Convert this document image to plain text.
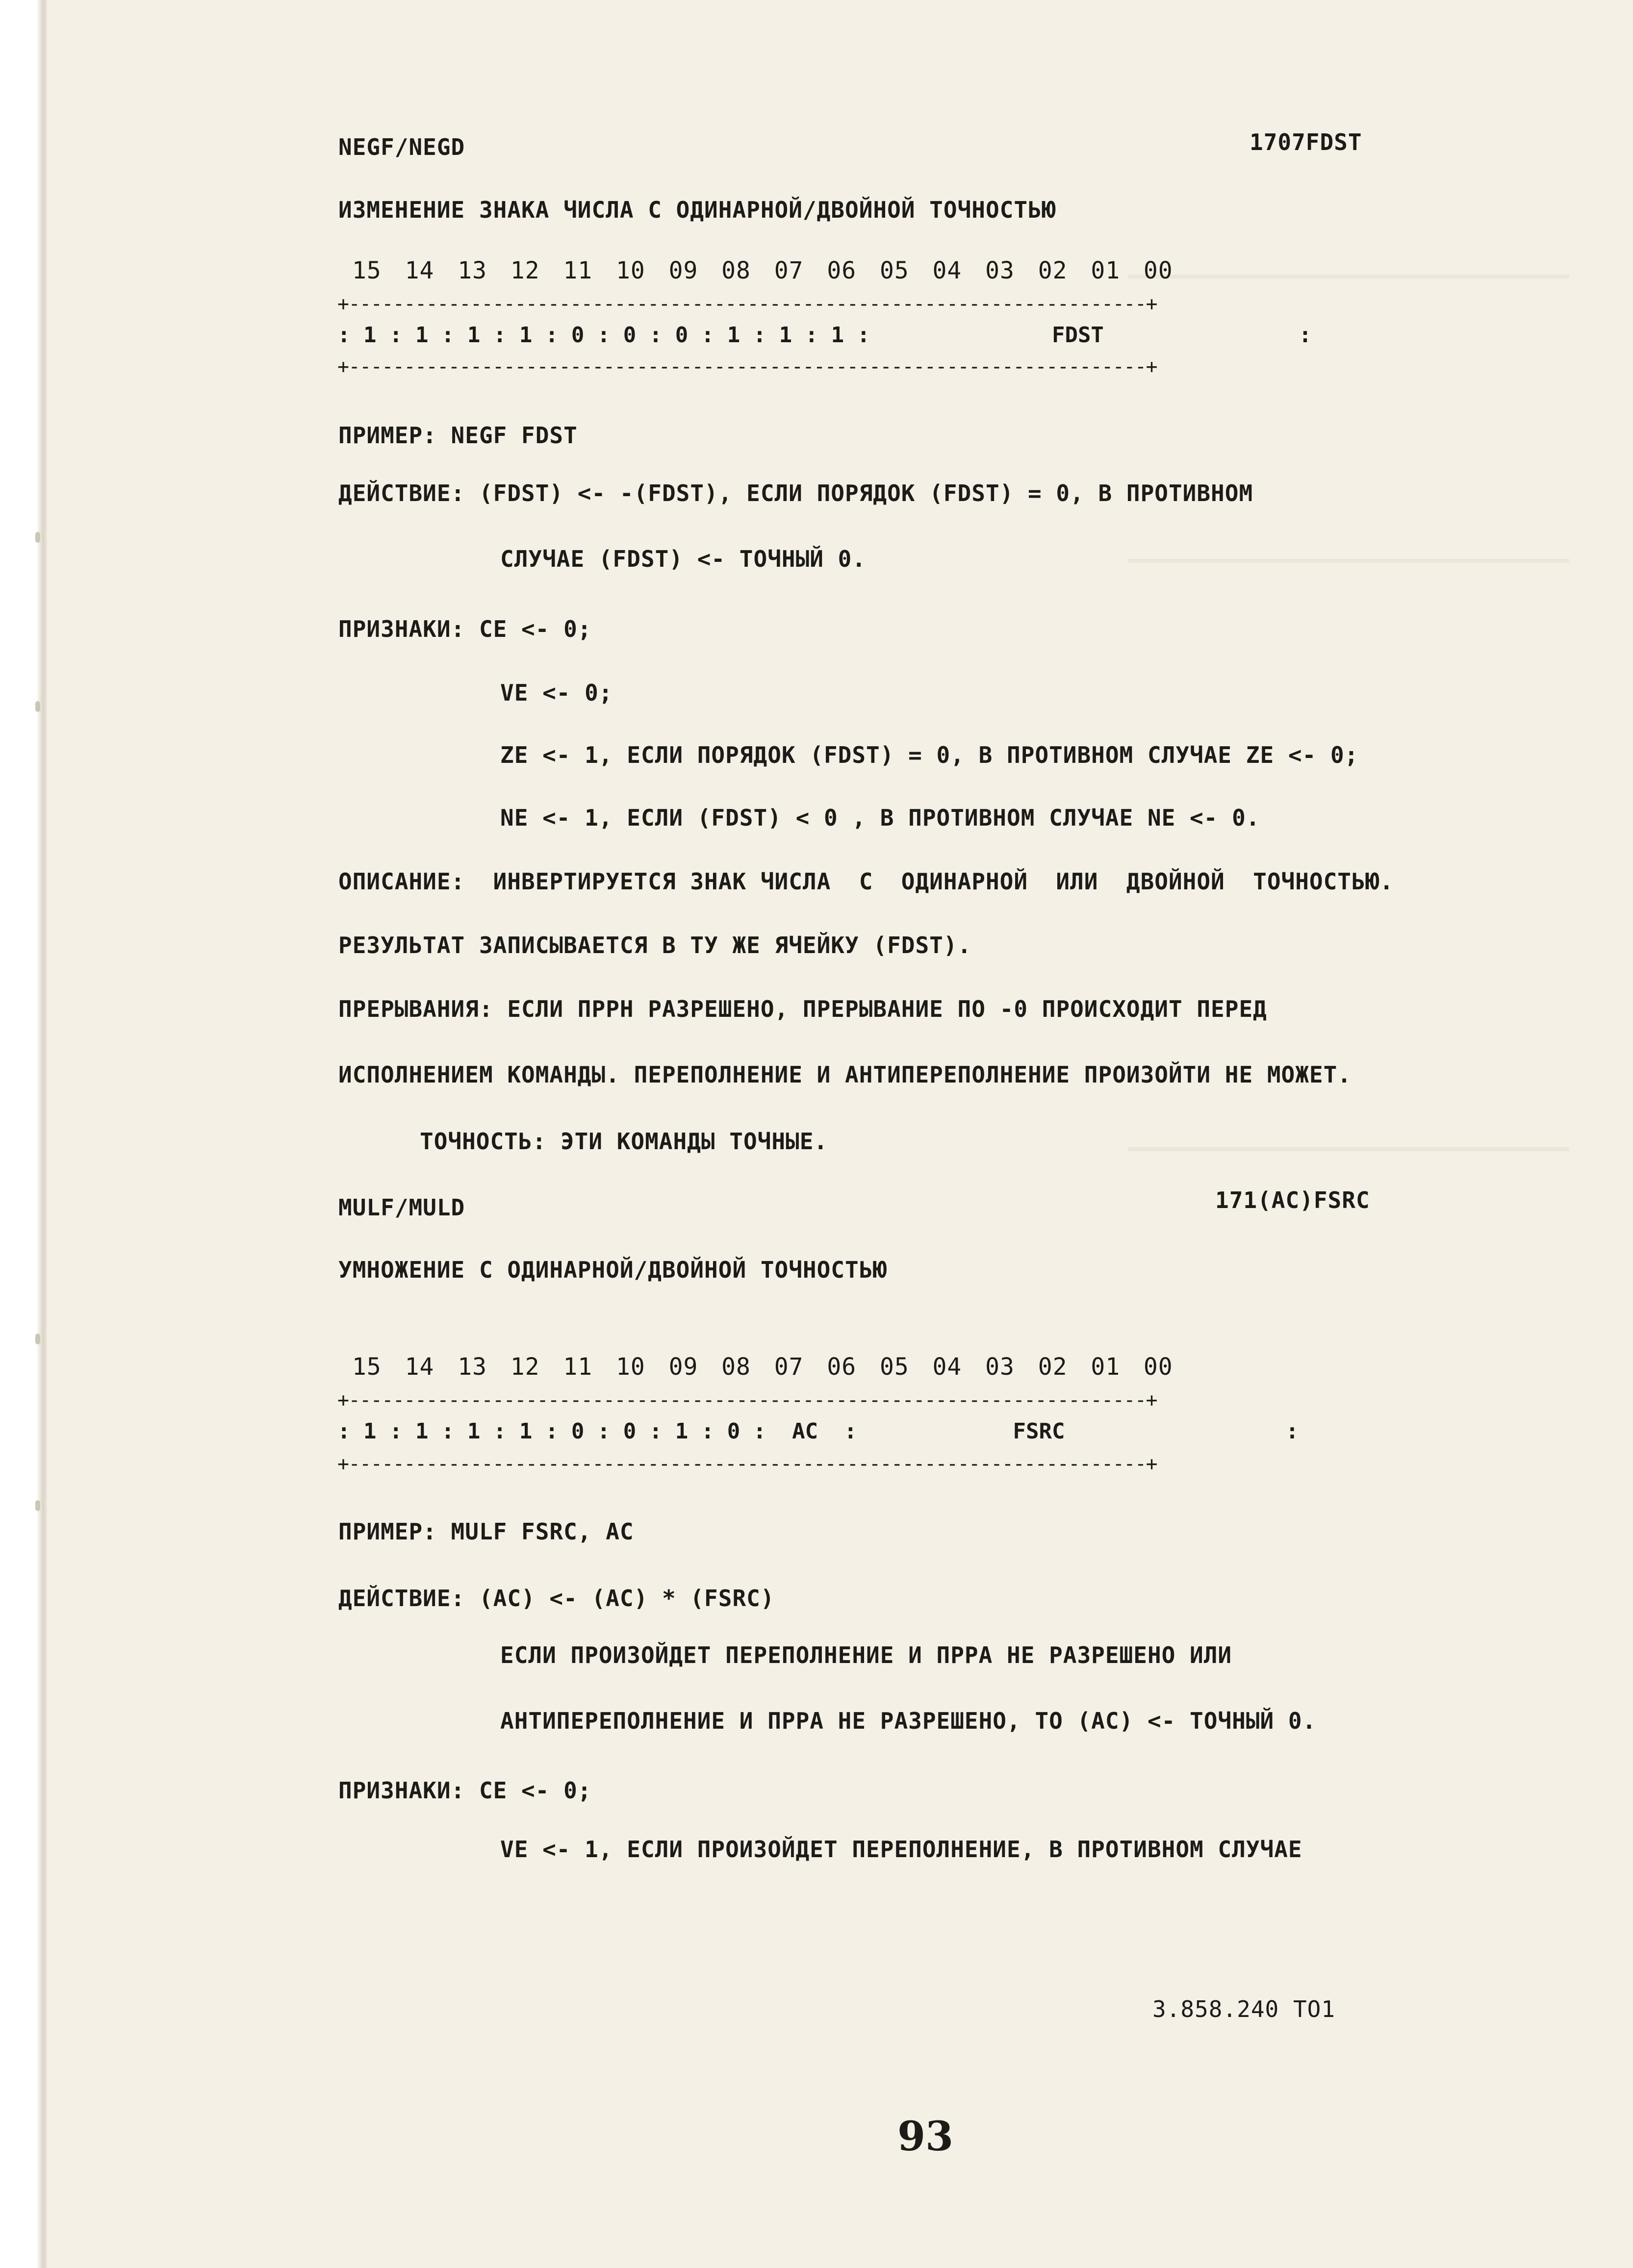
NEGF/NEGD	1707FDST
ИЗМЕНЕНИЕ ЗНАКА ЧИСЛА С ОДИНАРНОЙ/ДВОЙНОЙ ТОЧНОСТЬЮ
15  14  13  12  11  10  09  08  07  06  05  04  03  02  01  00
+------------------------------------------------------------------------+
: 1 : 1 : 1 : 1 : 0 : 0 : 0 : 1 : 1 : 1 :              FDST               :
+------------------------------------------------------------------------+
ПРИМЕР: NEGF FDST
ДЕЙСТВИЕ: (FDST) <- -(FDST), ЕСЛИ ПОРЯДОК (FDST) = 0, В ПРОТИВНОМ
СЛУЧАЕ (FDST) <- ТОЧНЫЙ 0.
ПРИЗНАКИ: CE <- 0;
VE <- 0;
ZE <- 1, ЕСЛИ ПОРЯДОК (FDST) = 0, В ПРОТИВНОМ СЛУЧАЕ ZE <- 0;
NE <- 1, ЕСЛИ (FDST) < 0 , В ПРОТИВНОМ СЛУЧАЕ NE <- 0.
ОПИСАНИЕ:  ИНВЕРТИРУЕТСЯ ЗНАК ЧИСЛА  С  ОДИНАРНОЙ  ИЛИ  ДВОЙНОЙ  ТОЧНОСТЬЮ.
РЕЗУЛЬТАТ ЗАПИСЫВАЕТСЯ В ТУ ЖЕ ЯЧЕЙКУ (FDST).
ПРЕРЫВАНИЯ: ЕСЛИ ПРРН РАЗРЕШЕНО, ПРЕРЫВАНИЕ ПО -0 ПРОИСХОДИТ ПЕРЕД
ИСПОЛНЕНИЕМ КОМАНДЫ. ПЕРЕПОЛНЕНИЕ И АНТИПЕРЕПОЛНЕНИЕ ПРОИЗОЙТИ НЕ МОЖЕТ.
ТОЧНОСТЬ: ЭТИ КОМАНДЫ ТОЧНЫЕ.
MULF/MULD	171(AC)FSRC
УМНОЖЕНИЕ С ОДИНАРНОЙ/ДВОЙНОЙ ТОЧНОСТЬЮ
15  14  13  12  11  10  09  08  07  06  05  04  03  02  01  00
+------------------------------------------------------------------------+
: 1 : 1 : 1 : 1 : 0 : 0 : 1 : 0 :  AC  :            FSRC                 :
+------------------------------------------------------------------------+
ПРИМЕР: MULF FSRC, AC
ДЕЙСТВИЕ: (AC) <- (AC) * (FSRC)
ЕСЛИ ПРОИЗОЙДЕТ ПЕРЕПОЛНЕНИЕ И ПРРА НЕ РАЗРЕШЕНО ИЛИ
АНТИПЕРЕПОЛНЕНИЕ И ПРРА НЕ РАЗРЕШЕНО, ТО (AC) <- ТОЧНЫЙ 0.
ПРИЗНАКИ: CE <- 0;
VE <- 1, ЕСЛИ ПРОИЗОЙДЕТ ПЕРЕПОЛНЕНИЕ, В ПРОТИВНОМ СЛУЧАЕ
3.858.240 ТО1
93
